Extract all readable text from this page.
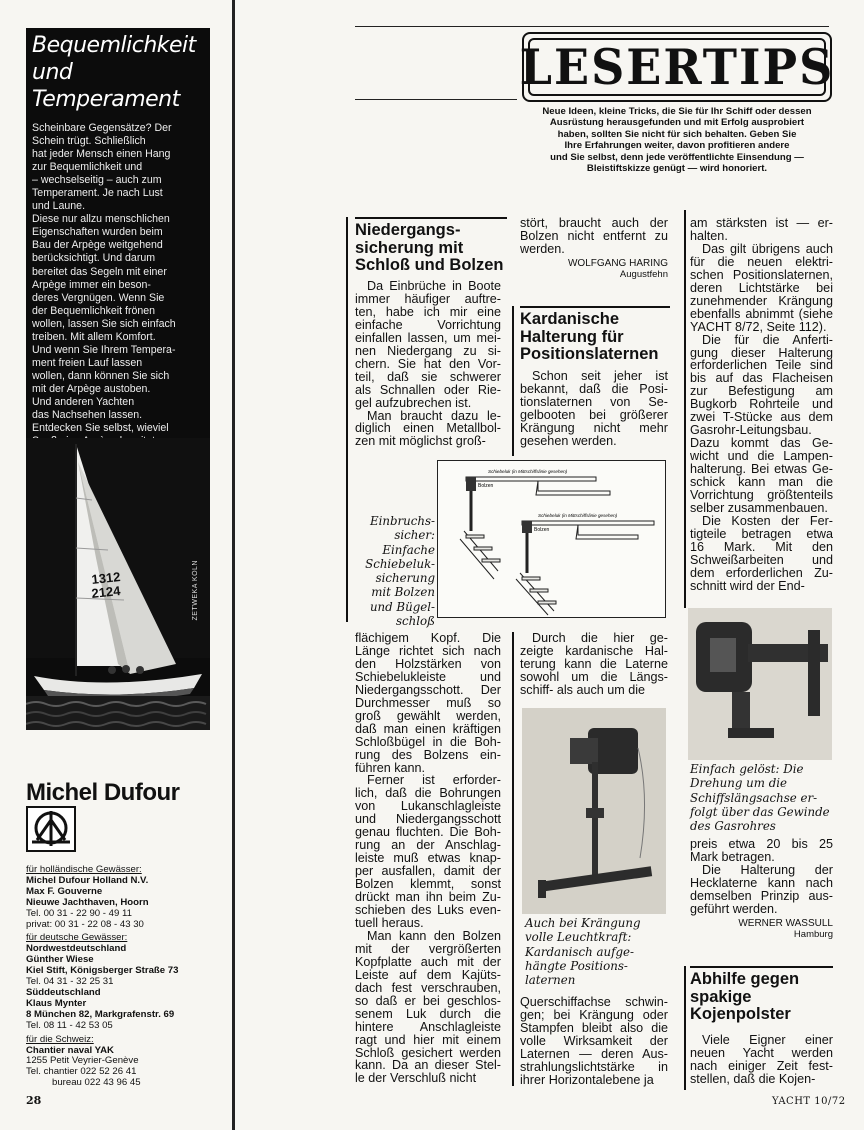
Bequemlichkeit
und
Temperament
Scheinbare Gegensätze? Der
Schein trügt. Schließlich
hat jeder Mensch einen Hang
zur Bequemlichkeit und
– wechselseitig – auch zum
Temperament. Je nach Lust
und Laune.
Diese nur allzu menschlichen
Eigenschaften wurden beim
Bau der Arpège weitgehend
berücksichtigt. Und darum
bereitet das Segeln mit einer
Arpège immer ein beson-
deres Vergnügen. Wenn Sie
der Bequemlichkeit frönen
wollen, lassen Sie sich einfach
treiben. Mit allem Komfort.
Und wenn Sie Ihrem Tempera-
ment freien Lauf lassen
wollen, dann können Sie sich
mit der Arpège austoben.
Und anderen Yachten
das Nachsehen lassen.
Entdecken Sie selbst, wieviel
1312
2124	ZETWEKA KÖLN
Michel Dufour
für holländische Gewässer:
Michel Dufour Holland N.V.
Max F. Gouverne
Nieuwe Jachthaven, Hoorn
Tel. 00 31 - 22 90 - 49 11
privat: 00 31 - 22 08 - 43 30
für deutsche Gewässer:
Nordwestdeutschland
Günther Wiese
Kiel Stift, Königsberger Straße 73
Tel. 04 31 - 32 25 31
Süddeutschland
Klaus Mynter
8 München 82, Markgrafenstr. 69
Tel. 08 11 - 42 53 05
für die Schweiz:
Chantier naval YAK
1255 Petit Veyrier-Genève
Tel. chantier 022 52 26 41
bureau 022 43 96 45
28
LESERTIPS
Neue Ideen, kleine Tricks, die Sie für Ihr Schiff oder dessen
Ausrüstung herausgefunden und mit Erfolg ausprobiert
haben, sollten Sie nicht für sich behalten. Geben Sie
Ihre Erfahrungen weiter, davon profitieren andere
und Sie selbst, denn jede veröffentlichte Einsendung —
Bleistiftskizze genügt — wird honoriert.
Niedergangs-
sicherung mit
Schloß und Bolzen
Da Einbrüche in Boote
immer häufiger auftre-
ten, habe ich mir eine
einfache Vorrichtung
einfallen lassen, um mei-
nen Niedergang zu si-
chern. Sie hat den Vor-
teil, daß sie schwerer
als Schnallen oder Rie-
gel aufzubrechen ist.
Man braucht dazu le-
diglich einen Metallbol-
zen mit möglichst groß-
flächigem Kopf. Die
Länge richtet sich nach
den Holzstärken von
Schiebelukleiste und
Niedergangsschott. Der
Durchmesser muß so
groß gewählt werden,
daß man einen kräftigen
Schloßbügel in die Boh-
rung des Bolzens ein-
führen kann.
Ferner ist erforder-
lich, daß die Bohrungen
von Lukanschlagleiste
und Niedergangsschott
genau fluchten. Die Boh-
rung an der Anschlag-
leiste muß etwas knap-
per ausfallen, damit der
Bolzen klemmt, sonst
drückt man ihn beim Zu-
schieben des Luks even-
tuell heraus.
Man kann den Bolzen
mit der vergrößerten
Kopfplatte auch mit der
Leiste auf dem Kajüts-
dach fest verschrauben,
so daß er bei geschlos-
senem Luk durch die
hintere Anschlagleiste
ragt und hier mit einem
Schloß gesichert werden
kann. Da an dieser Stel-
le der Verschluß nicht
stört, braucht auch der
Bolzen nicht entfernt zu
werden.
WOLFGANG HARING
Augustfehn
Kardanische
Halterung für
Positionslaternen
Schon seit jeher ist
bekannt, daß die Posi-
tionslaternen von Se-
gelbooten bei größerer
Krängung nicht mehr
gesehen werden.
Einbruchs-
sicher:
Einfache
Schiebeluk-
sicherung
mit Bolzen
und Bügel-
schloß
Schiebeluk (in Mittschiffslinie gesehen)
Bolzen
Schiebeluk (in Mittschiffslinie gesehen)
Bolzen
Durch die hier ge-
zeigte kardanische Hal-
terung kann die Laterne
sowohl um die Längs-
schiff- als auch um die
Auch bei Krängung
volle Leuchtkraft:
Kardanisch aufge-
hängte Positions-
laternen
Querschiffachse schwin-
gen; bei Krängung oder
Stampfen bleibt also die
volle Wirksamkeit der
Laternen — deren Aus-
strahlungslichtstärke in
ihrer Horizontalebene ja
am stärksten ist — er-
halten.
Das gilt übrigens auch
für die neuen elektri-
schen Positionslaternen,
deren Lichtstärke bei
zunehmender Krängung
ebenfalls abnimmt (siehe
YACHT 8/72, Seite 112).
Die für die Anferti-
gung dieser Halterung
erforderlichen Teile sind
bis auf das Flacheisen
zur Befestigung am
Bugkorb Rohrteile und
zwei T-Stücke aus dem
Gasrohr-Leitungsbau.
Dazu kommt das Ge-
wicht und die Lampen-
halterung. Bei etwas Ge-
schick kann man die
Vorrichtung größtenteils
selber zusammenbauen.
Die Kosten der Fer-
tigteile betragen etwa
16 Mark. Mit den
Schweißarbeiten und
dem erforderlichen Zu-
schnitt wird der End-
Einfach gelöst: Die
Drehung um die
Schiffslängsachse er-
folgt über das Gewinde
des Gasrohres
preis etwa 20 bis 25
Mark betragen.
Die Halterung der
Hecklaterne kann nach
demselben Prinzip aus-
geführt werden.
WERNER WASSULL
Hamburg
Abhilfe gegen
spakige
Kojenpolster
Viele Eigner einer
neuen Yacht werden
nach einiger Zeit fest-
stellen, daß die Kojen-
YACHT 10/72
